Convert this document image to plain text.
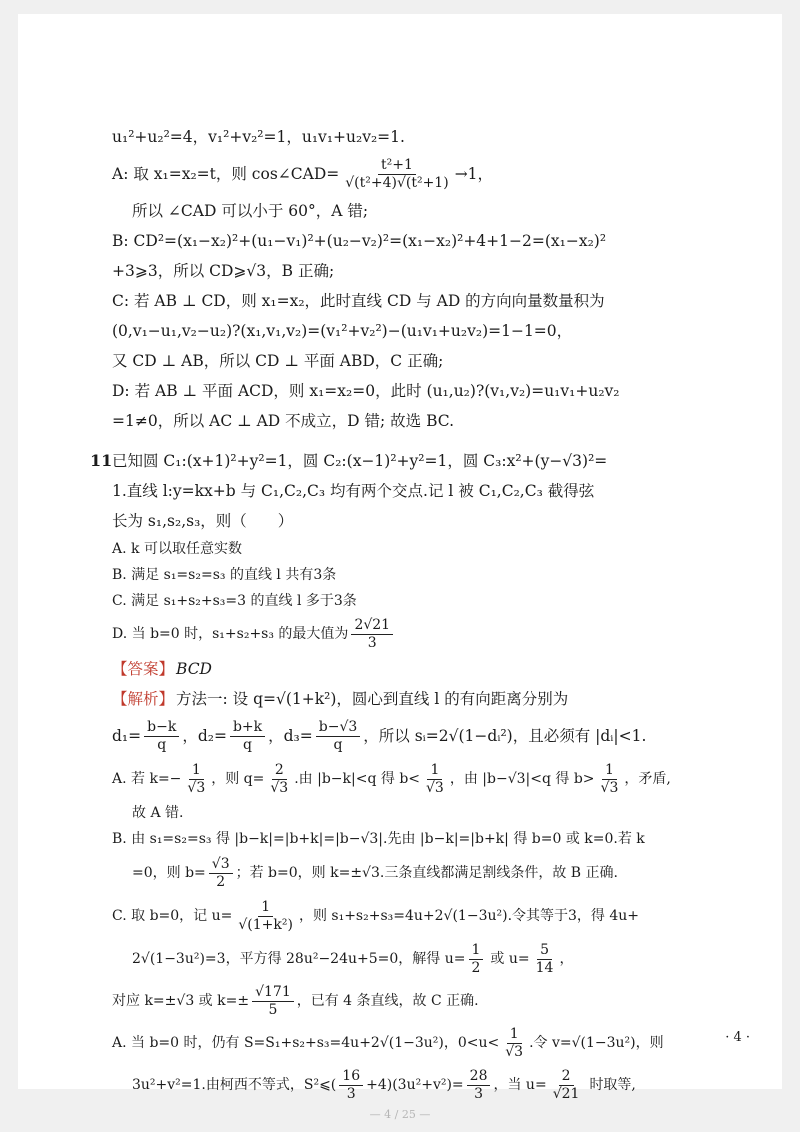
u₁²+u₂²=4，v₁²+v₂²=1，u₁v₁+u₂v₂=1.
A: 取 x₁=x₂=t，则 cos∠CAD= $\frac{\text{t²+1}}{\text{√(t²+4)√(t²+1)}} \to 1$，
所以 ∠CAD 可以小于 60°，A 错;
B: CD²=(x₁−x₂)²+(u₁−v₁)²+(u₂−v₂)²=(x₁−x₂)²+4+1−2=(x₁−x₂)²
+3⩾3，所以 CD⩾√3，B 正确;
C: 若 AB ⊥ CD，则 x₁=x₂，此时直线 CD 与 AD 的方向向量数量积为
(0,v₁−u₁,v₂−u₂)?(x₁,v₁,v₂)=(v₁²+v₂²)−(u₁v₁+u₂v₂)=1−1=0，
又 CD ⊥ AB，所以 CD ⊥ 平面 ABD，C 正确;
D: 若 AB ⊥ 平面 ACD，则 x₁=x₂=0，此时 (u₁,u₂)?(v₁,v₂)=u₁v₁+u₂v₂
=1≠0，所以 AC ⊥ AD 不成立，D 错; 故选 BC.
11 已知圆 C₁:(x+1)²+y²=1，圆 C₂:(x−1)²+y²=1，圆 C₃:x²+(y−√3)²=
1.直线 l:y=kx+b 与 C₁,C₂,C₃ 均有两个交点.记 l 被 C₁,C₂,C₃ 截得弦
长为 s₁,s₂,s₃，则（　　）
A. k 可以取任意实数
B. 满足 s₁=s₂=s₃ 的直线 l 共有3条
C. 满足 s₁+s₂+s₃=3 的直线 l 多于3条
D. 当 b=0 时，s₁+s₂+s₃ 的最大值为 $\frac{2√21}{3}$
【答案】 BCD
【解析】 方法一: 设 q=√(1+k²)，圆心到直线 l 的有向距离分别为
$d_1= \frac{b-k}{q}$ ，$d_2= \frac{b+k}{q}$ ，$d_3= \frac{b-√3}{q}$ ，所以 sᵢ=2√(1−dᵢ²)，且必须有 |dᵢ|<1.
A. 若 $k=- \frac{1}{√3}$ ，则 $q= \frac{2}{√3}$ .由 |b−k|<q 得 $b< \frac{1}{√3}$ ，由 |b−√3|<q 得 $b> \frac{1}{√3}$ ，矛盾,
故 A 错.
B. 由 s₁=s₂=s₃ 得 |b−k|=|b+k|=|b−√3|.先由 |b−k|=|b+k| 得 b=0 或 k=0.若 k
=0，则 $b= \frac{√3}{2}$ ；若 b=0，则 k=±√3.三条直线都满足割线条件，故 B 正确.
C. 取 b=0，记 $u= \frac{1}{\text{√(1+k²)}}$ ，则 s₁+s₂+s₃=4u+2√(1−3u²).令其等于3，得 4u+
2√(1−3u²)=3，平方得 28u²−24u+5=0，解得 $u= \frac{1}{2}$ 或 $u= \frac{5}{14}$ ，
对应 k=±√3 或 $k=\pm \frac{√171}{5}$ ，已有 4 条直线，故 C 正确.
A. 当 b=0 时，仍有 S=S₁+s₂+s₃=4u+2√(1−3u²)，$0<u< \frac{1}{√3}$ .令 v=√(1−3u²)，则
3u²+v²=1.由柯西不等式，S²⩽( $\frac{16}{3} +4)(3u^2+v^2)= \frac{28}{3}$ ，当 $u= \frac{2}{√21}$ 时取等,
· 4 ·
— 4 / 25 —
